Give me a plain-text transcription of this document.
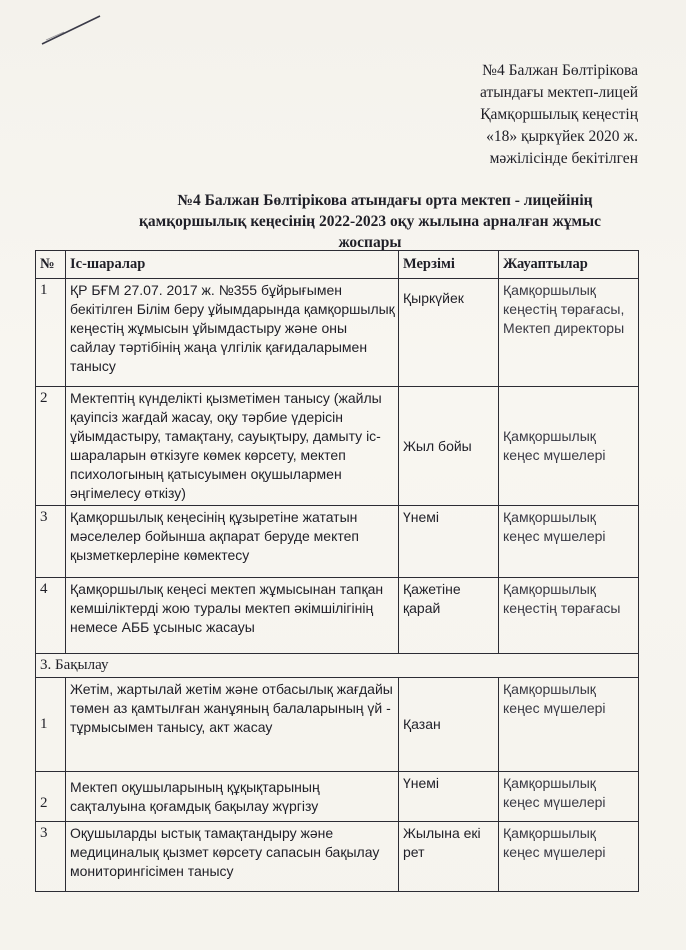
№4 Балжан Бөлтірікова
атындағы мектеп-лицей
Қамқоршылық кеңестің
«18» қыркүйек 2020 ж.
мәжілісінде бекітілген
№4 Балжан Бөлтірікова атындағы орта мектеп - лицейінің
қамқоршылық кеңесінің 2022-2023 оқу жылына арналған жұмыс
жоспары
№	Іс-шаралар	Мерзімі	Жауаптылар
1	ҚР БҒМ 27.07. 2017 ж. №355 бұйрығымен бекітілген Білім беру ұйымдарында қамқоршылық кеңестің жұмысын ұйымдастыру және оны сайлау тәртібінің жаңа үлгілік қағидаларымен танысу	Қыркүйек	Қамқоршылық кеңестің төрағасы, Мектеп директоры
2	Мектептің күнделікті қызметімен танысу (жайлы қауіпсіз жағдай жасау, оқу тәрбие үдерісін ұйымдастыру, тамақтану, сауықтыру, дамыту іс-шараларын өткізуге көмек көрсету, мектеп психологының қатысуымен оқушылармен әңгімелесу өткізу)	Жыл бойы	Қамқоршылық кеңес мүшелері
3	Қамқоршылық кеңесінің құзыретіне жататын мәселелер бойынша ақпарат беруде мектеп қызметкерлеріне көмектесу	Үнемі	Қамқоршылық кеңес мүшелері
4	Қамқоршылық кеңесі мектеп жұмысынан тапқан кемшіліктерді жою туралы мектеп әкімшілігінің немесе АББ ұсыныс жасауы	Қажетіне қарай	Қамқоршылық кеңестің төрағасы
3. Бақылау			
1	Жетім, жартылай жетім және отбасылық жағдайы төмен аз қамтылған жанұяның балаларының үй - тұрмысымен танысу, акт жасау	Қазан	Қамқоршылық кеңес мүшелері
2	Мектеп оқушыларының құқықтарының сақталуына қоғамдық бақылау жүргізу	Үнемі	Қамқоршылық кеңес мүшелері
3	Оқушыларды ыстық тамақтандыру және медициналық қызмет көрсету сапасын бақылау мониторингісімен танысу	Жылына екі рет	Қамқоршылық кеңес мүшелері
